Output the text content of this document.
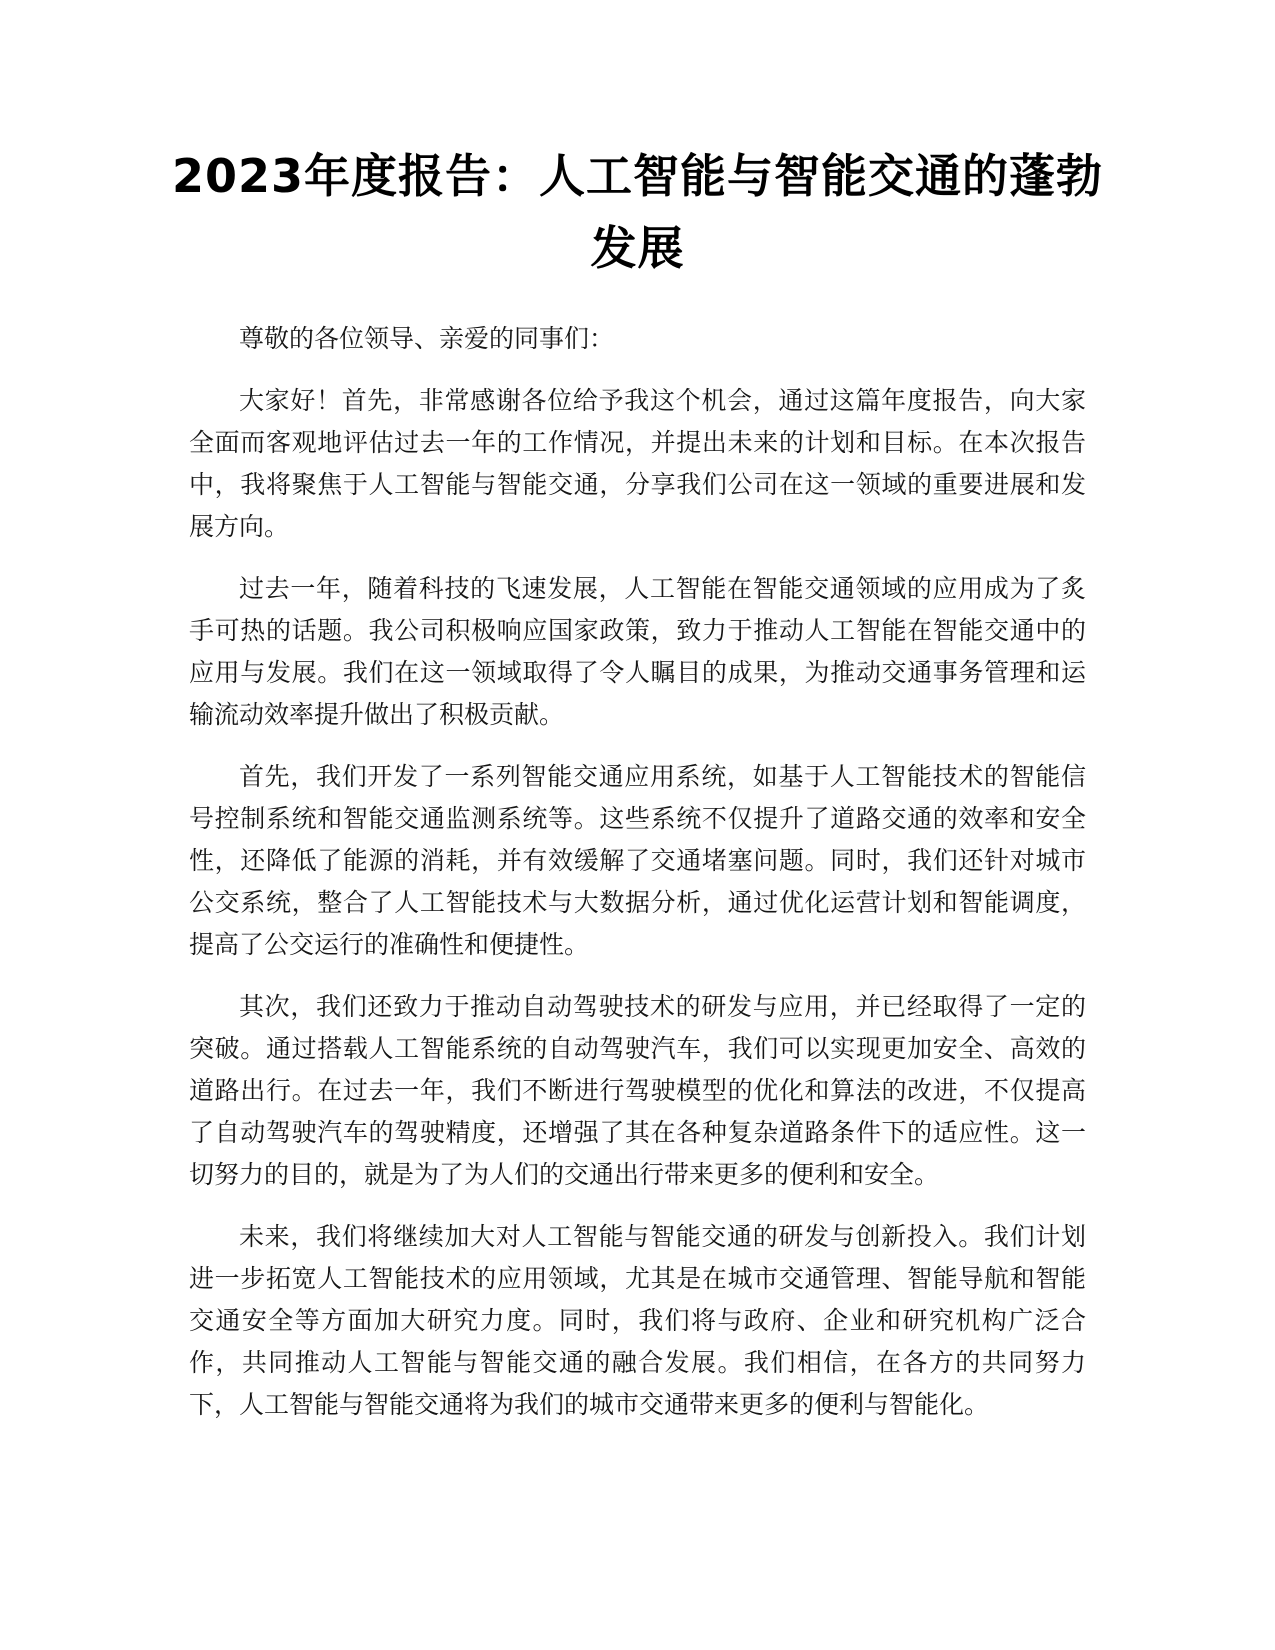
2023年度报告：人工智能与智能交通的蓬勃发展

尊敬的各位领导、亲爱的同事们：

大家好！首先，非常感谢各位给予我这个机会，通过这篇年度报告，向大家全面而客观地评估过去一年的工作情况，并提出未来的计划和目标。在本次报告中，我将聚焦于人工智能与智能交通，分享我们公司在这一领域的重要进展和发展方向。

过去一年，随着科技的飞速发展，人工智能在智能交通领域的应用成为了炙手可热的话题。我公司积极响应国家政策，致力于推动人工智能在智能交通中的应用与发展。我们在这一领域取得了令人瞩目的成果，为推动交通事务管理和运输流动效率提升做出了积极贡献。

首先，我们开发了一系列智能交通应用系统，如基于人工智能技术的智能信号控制系统和智能交通监测系统等。这些系统不仅提升了道路交通的效率和安全性，还降低了能源的消耗，并有效缓解了交通堵塞问题。同时，我们还针对城市公交系统，整合了人工智能技术与大数据分析，通过优化运营计划和智能调度，提高了公交运行的准确性和便捷性。

其次，我们还致力于推动自动驾驶技术的研发与应用，并已经取得了一定的突破。通过搭载人工智能系统的自动驾驶汽车，我们可以实现更加安全、高效的道路出行。在过去一年，我们不断进行驾驶模型的优化和算法的改进，不仅提高了自动驾驶汽车的驾驶精度，还增强了其在各种复杂道路条件下的适应性。这一切努力的目的，就是为了为人们的交通出行带来更多的便利和安全。

未来，我们将继续加大对人工智能与智能交通的研发与创新投入。我们计划进一步拓宽人工智能技术的应用领域，尤其是在城市交通管理、智能导航和智能交通安全等方面加大研究力度。同时，我们将与政府、企业和研究机构广泛合作，共同推动人工智能与智能交通的融合发展。我们相信，在各方的共同努力下，人工智能与智能交通将为我们的城市交通带来更多的便利与智能化。
